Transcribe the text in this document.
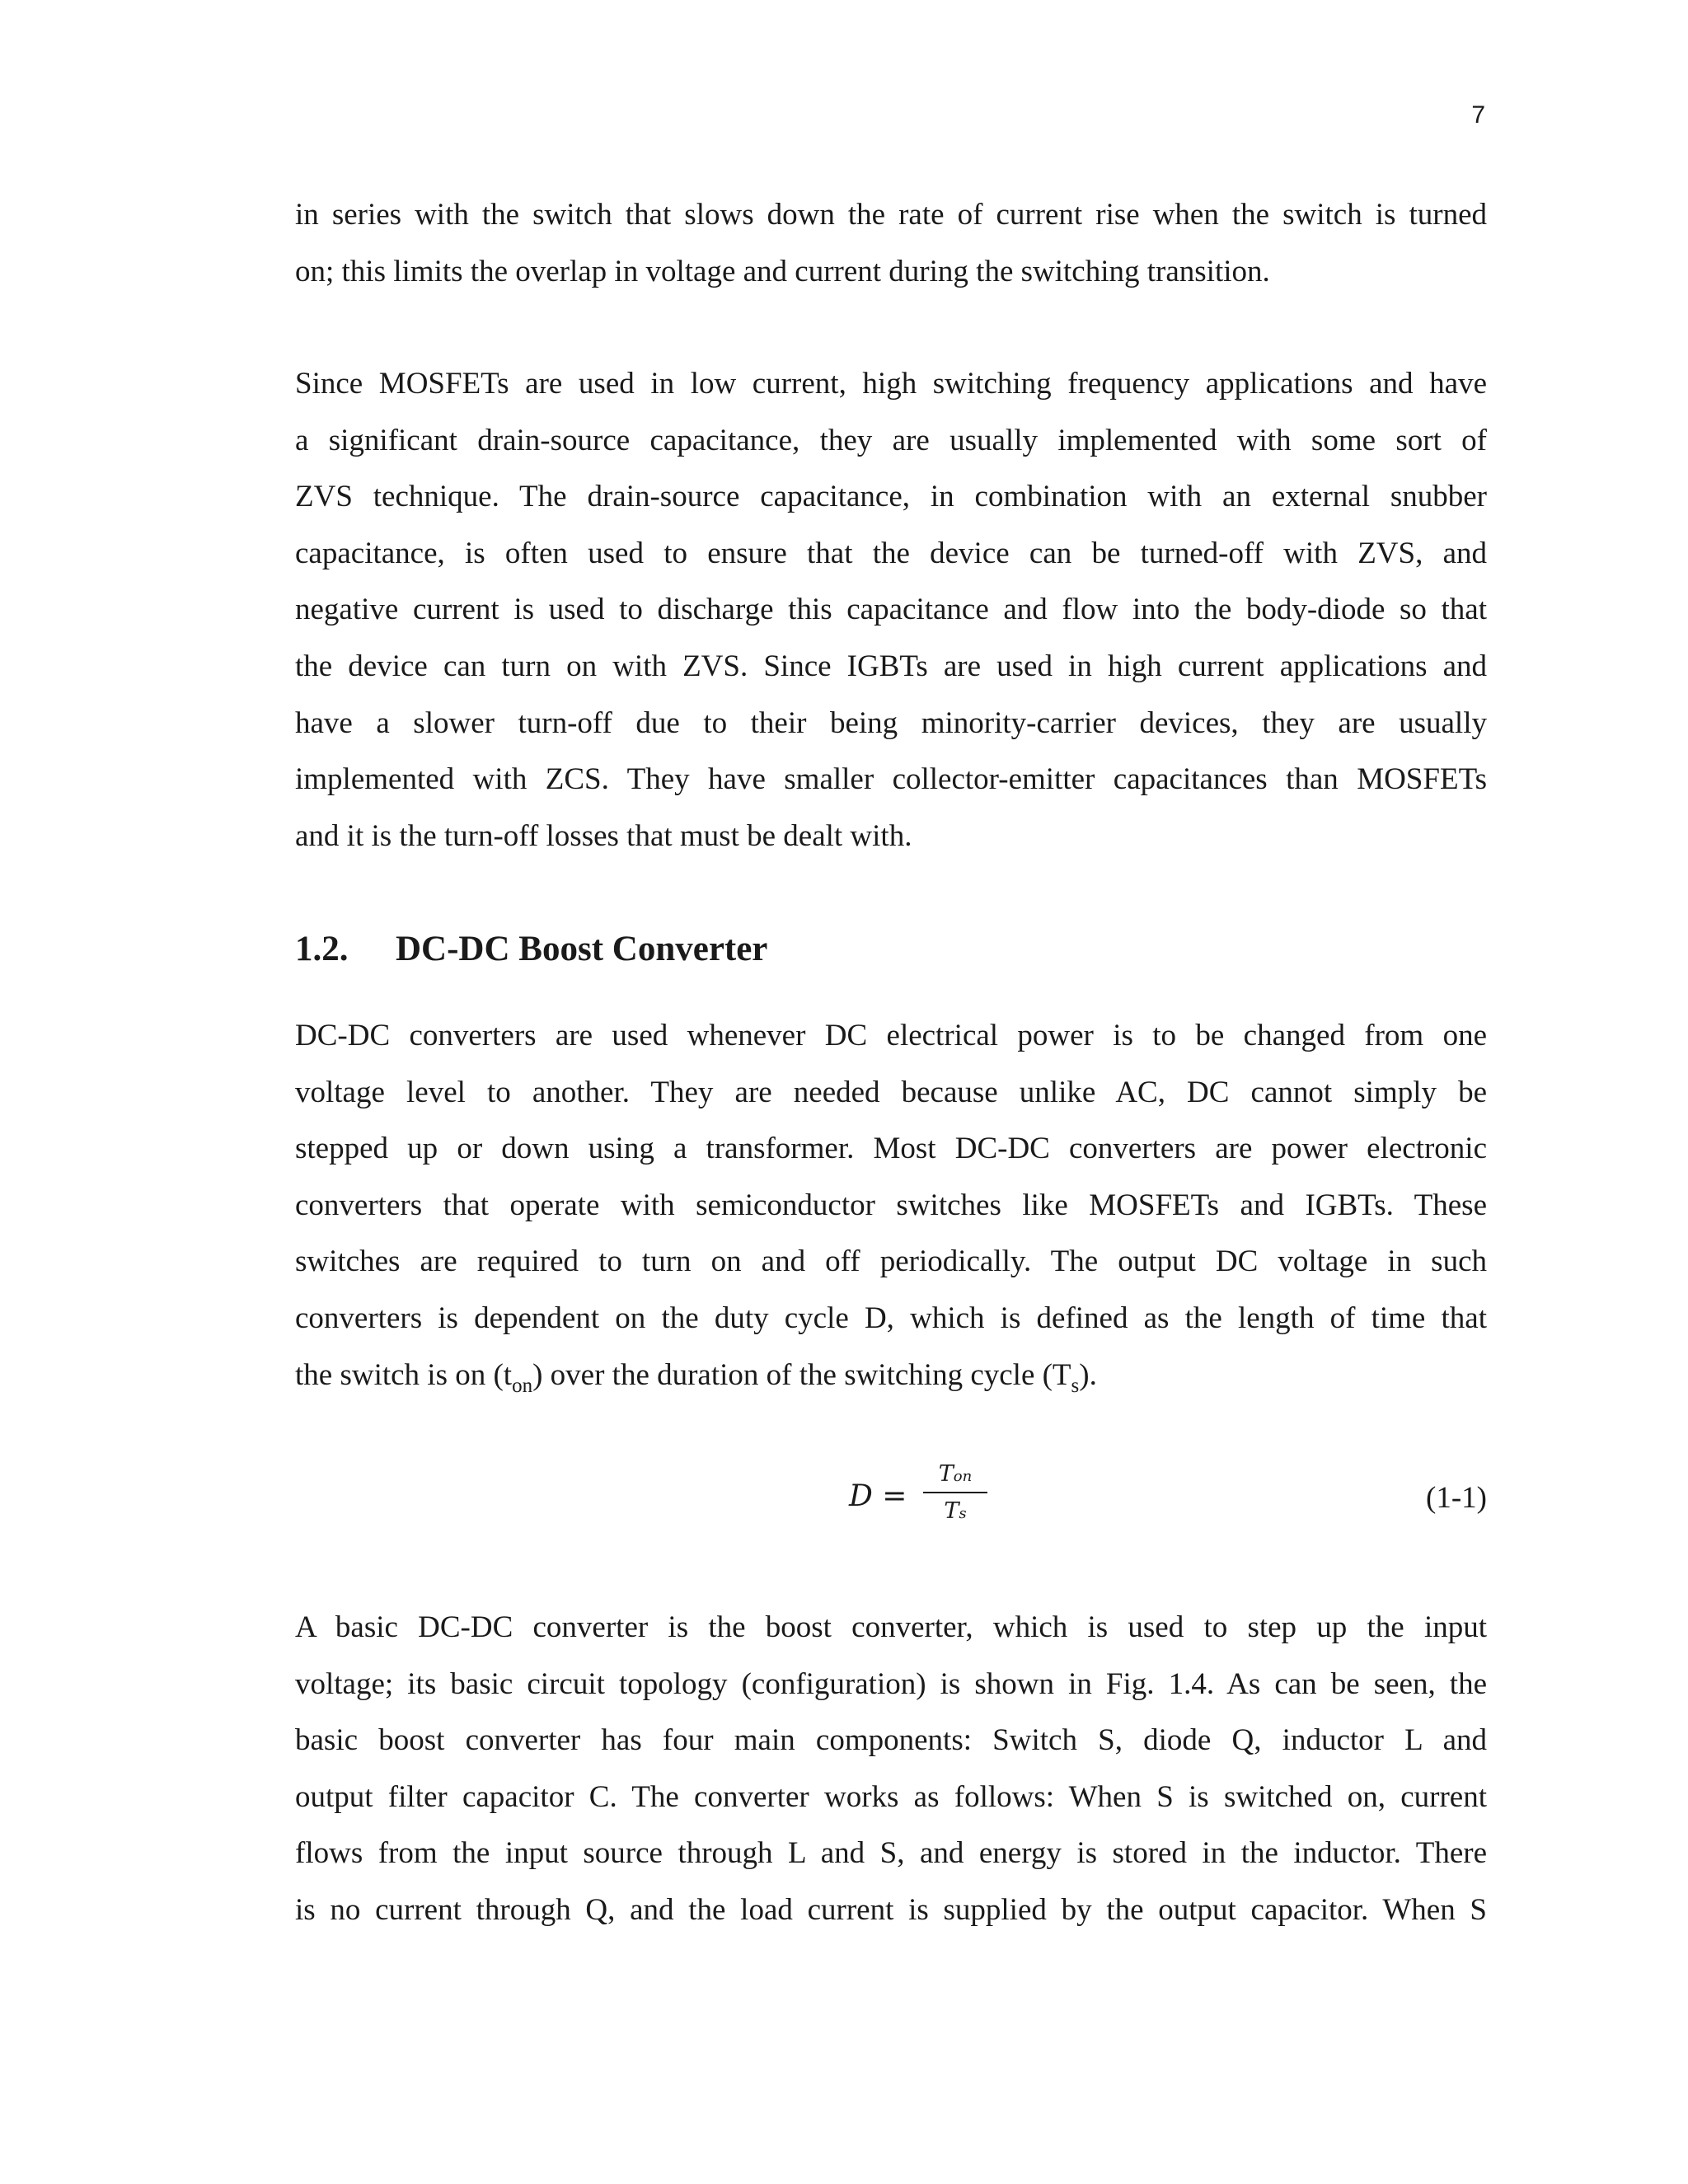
7
in series with the switch that slows down the rate of current rise when the switch is turned
on; this limits the overlap in voltage and current during the switching transition.
Since MOSFETs are used in low current, high switching frequency applications and have
a significant drain-source capacitance, they are usually implemented with some sort of
ZVS technique. The drain-source capacitance, in combination with an external snubber
capacitance, is often used to ensure that the device can be turned-off with ZVS, and
negative current is used to discharge this capacitance and flow into the body-diode so that
the device can turn on with ZVS. Since IGBTs are used in high current applications and
have a slower turn-off due to their being minority-carrier devices, they are usually
implemented with ZCS. They have smaller collector-emitter capacitances than MOSFETs
and it is the turn-off losses that must be dealt with.
1.2. DC-DC Boost Converter
DC-DC converters are used whenever DC electrical power is to be changed from one
voltage level to another. They are needed because unlike AC, DC cannot simply be
stepped up or down using a transformer. Most DC-DC converters are power electronic
converters that operate with semiconductor switches like MOSFETs and IGBTs. These
switches are required to turn on and off periodically. The output DC voltage in such
converters is dependent on the duty cycle D, which is defined as the length of time that
the switch is on $(t_{on})$ over the duration of the switching cycle $(T_s)$.
D =
Ton
Ts	(1-1)
A basic DC-DC converter is the boost converter, which is used to step up the input
voltage; its basic circuit topology (configuration) is shown in Fig. 1.4. As can be seen, the
basic boost converter has four main components: Switch S, diode Q, inductor L and
output filter capacitor C. The converter works as follows: When S is switched on, current
flows from the input source through L and S, and energy is stored in the inductor. There
is no current through Q, and the load current is supplied by the output capacitor. When S
